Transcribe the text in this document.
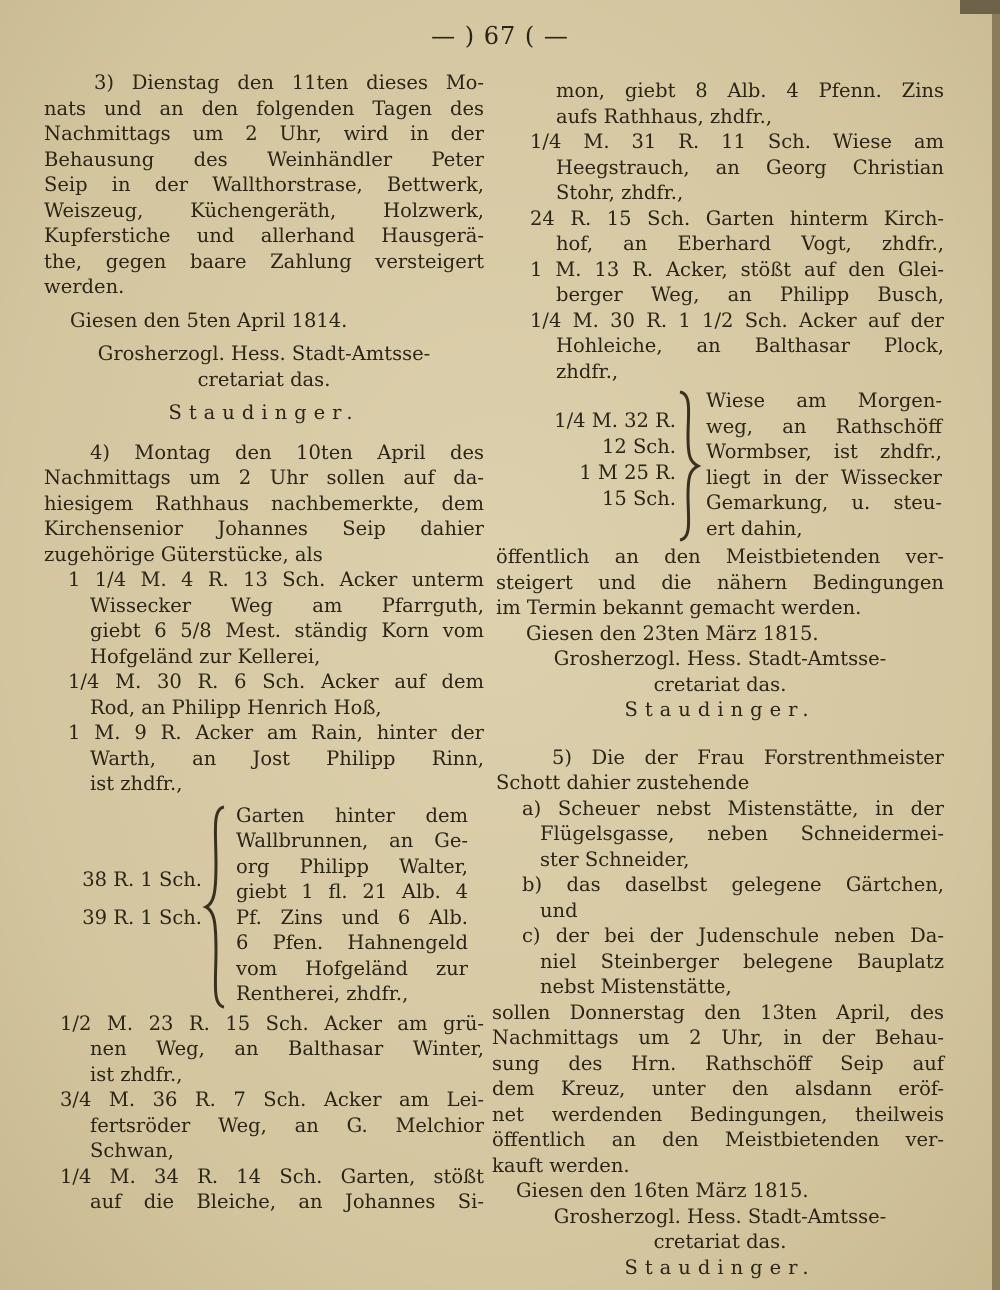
— ) 67 ( —
3) Dienstag den 11ten dieses Mo-
nats und an den folgenden Tagen des
Nachmittags um 2 Uhr, wird in der
Behausung des Weinhändler Peter
Seip in der Wallthorstrase, Bettwerk,
Weiszeug, Küchengeräth, Holzwerk,
Kupferstiche und allerhand Hausgerä-
the, gegen baare Zahlung versteigert
werden.
Giesen den 5ten April 1814.
Grosherzogl. Hess. Stadt-Amtsse-
cretariat das.
Staudinger.
4) Montag den 10ten April des
Nachmittags um 2 Uhr sollen auf da-
hiesigem Rathhaus nachbemerkte, dem
Kirchensenior Johannes Seip dahier
zugehörige Güterstücke, als
1 1/4 M. 4 R. 13 Sch. Acker unterm
Wissecker Weg am Pfarrguth,
giebt 6 5/8 Mest. ständig Korn vom
Hofgeländ zur Kellerei,
1/4 M. 30 R. 6 Sch. Acker auf dem
Rod, an Philipp Henrich Hoß,
1 M. 9 R. Acker am Rain, hinter der
Warth, an Jost Philipp Rinn,
ist zhdfr.,
38 R. 1 Sch.
39 R. 1 Sch.
Garten hinter dem
Wallbrunnen, an Ge-
org Philipp Walter,
giebt 1 fl. 21 Alb. 4
Pf. Zins und 6 Alb.
6 Pfen. Hahnengeld
vom Hofgeländ zur
Rentherei, zhdfr.,
1/2 M. 23 R. 15 Sch. Acker am grü-
nen Weg, an Balthasar Winter,
ist zhdfr.,
3/4 M. 36 R. 7 Sch. Acker am Lei-
fertsröder Weg, an G. Melchior
Schwan,
1/4 M. 34 R. 14 Sch. Garten, stößt
auf die Bleiche, an Johannes Si-
mon, giebt 8 Alb. 4 Pfenn. Zins
aufs Rathhaus, zhdfr.,
1/4 M. 31 R. 11 Sch. Wiese am
Heegstrauch, an Georg Christian
Stohr, zhdfr.,
24 R. 15 Sch. Garten hinterm Kirch-
hof, an Eberhard Vogt, zhdfr.,
1 M. 13 R. Acker, stößt auf den Glei-
berger Weg, an Philipp Busch,
1/4 M. 30 R. 1 1/2 Sch. Acker auf der
Hohleiche, an Balthasar Plock,
zhdfr.,
1/4 M. 32 R.
12 Sch.
1 M 25 R.
15 Sch.
Wiese am Morgen-
weg, an Rathschöff
Wormbser, ist zhdfr.,
liegt in der Wissecker
Gemarkung, u. steu-
ert dahin,
öffentlich an den Meistbietenden ver-
steigert und die nähern Bedingungen
im Termin bekannt gemacht werden.
Giesen den 23ten März 1815.
Grosherzogl. Hess. Stadt-Amtsse-
cretariat das.
Staudinger.
5) Die der Frau Forstrenthmeister
Schott dahier zustehende
a) Scheuer nebst Mistenstätte, in der
Flügelsgasse, neben Schneidermei-
ster Schneider,
b) das daselbst gelegene Gärtchen,
und
c) der bei der Judenschule neben Da-
niel Steinberger belegene Bauplatz
nebst Mistenstätte,
sollen Donnerstag den 13ten April, des
Nachmittags um 2 Uhr, in der Behau-
sung des Hrn. Rathschöff Seip auf
dem Kreuz, unter den alsdann eröf-
net werdenden Bedingungen, theilweis
öffentlich an den Meistbietenden ver-
kauft werden.
Giesen den 16ten März 1815.
Grosherzogl. Hess. Stadt-Amtsse-
cretariat das.
Staudinger.
